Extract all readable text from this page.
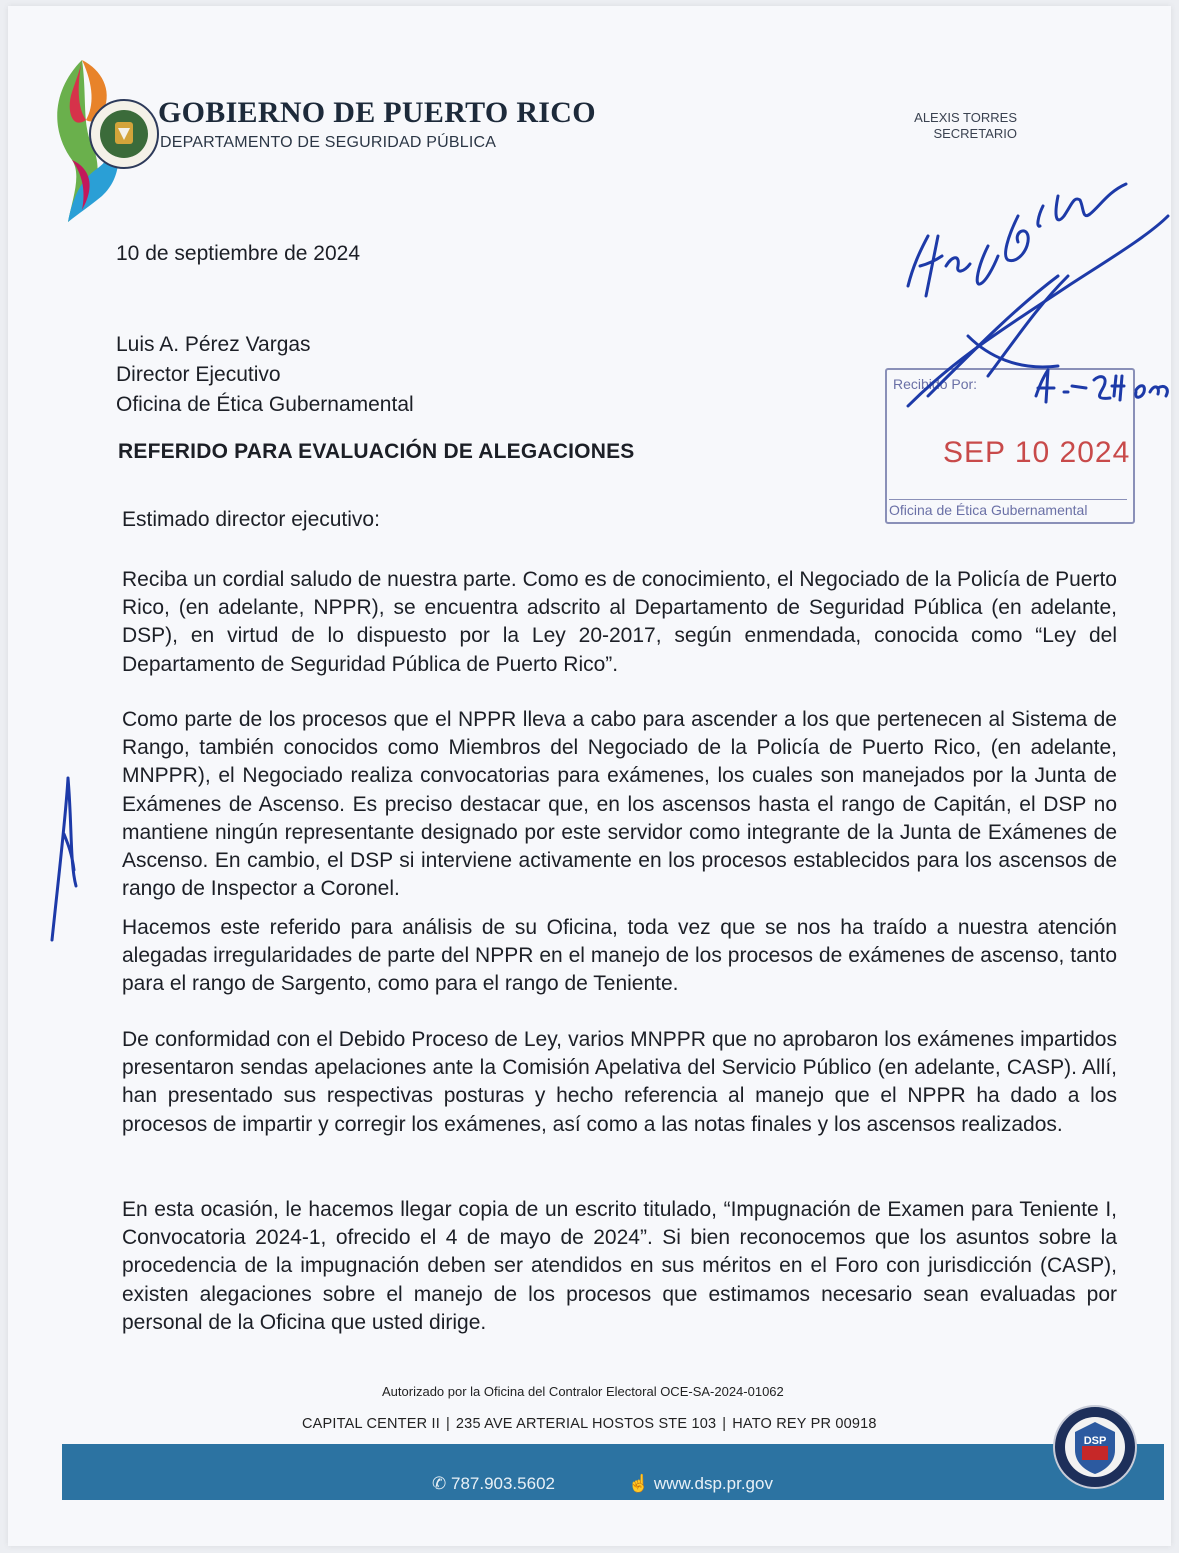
GOBIERNO DE PUERTO RICO
DEPARTAMENTO DE SEGURIDAD PÚBLICA
ALEXIS TORRES
SECRETARIO
10 de septiembre de 2024
Luis A. Pérez Vargas
Director Ejecutivo
Oficina de Ética Gubernamental
REFERIDO PARA EVALUACIÓN DE ALEGACIONES
Estimado director ejecutivo:

Reciba un cordial saludo de nuestra parte. Como es de conocimiento, el Negociado de la Policía de Puerto Rico, (en adelante, NPPR), se encuentra adscrito al Departamento de Seguridad Pública (en adelante, DSP), en virtud de lo dispuesto por la Ley 20-2017, según enmendada, conocida como “Ley del Departamento de Seguridad Pública de Puerto Rico”.

Como parte de los procesos que el NPPR lleva a cabo para ascender a los que pertenecen al Sistema de Rango, también conocidos como Miembros del Negociado de la Policía de Puerto Rico, (en adelante, MNPPR), el Negociado realiza convocatorias para exámenes, los cuales son manejados por la Junta de Exámenes de Ascenso. Es preciso destacar que, en los ascensos hasta el rango de Capitán, el DSP no mantiene ningún representante designado por este servidor como integrante de la Junta de Exámenes de Ascenso. En cambio, el DSP si interviene activamente en los procesos establecidos para los ascensos de rango de Inspector a Coronel.

Hacemos este referido para análisis de su Oficina, toda vez que se nos ha traído a nuestra atención alegadas irregularidades de parte del NPPR en el manejo de los procesos de exámenes de ascenso, tanto para el rango de Sargento, como para el rango de Teniente.

De conformidad con el Debido Proceso de Ley, varios MNPPR que no aprobaron los exámenes impartidos presentaron sendas apelaciones ante la Comisión Apelativa del Servicio Público (en adelante, CASP). Allí, han presentado sus respectivas posturas y hecho referencia al manejo que el NPPR ha dado a los procesos de impartir y corregir los exámenes, así como a las notas finales y los ascensos realizados.

En esta ocasión, le hacemos llegar copia de un escrito titulado, “Impugnación de Examen para Teniente I, Convocatoria 2024-1, ofrecido el 4 de mayo de 2024”. Si bien reconocemos que los asuntos sobre la procedencia de la impugnación deben ser atendidos en sus méritos en el Foro con jurisdicción (CASP), existen alegaciones sobre el manejo de los procesos que estimamos necesario sean evaluadas por personal de la Oficina que usted dirige.

Recibido Por:
SEP 10 2024
Oficina de Ética Gubernamental
Autorizado por la Oficina del Contralor Electoral OCE-SA-2024-01062
CAPITAL CENTER II | 235 AVE ARTERIAL HOSTOS STE 103 | HATO REY PR 00918
✆ 787.903.5602	☝ www.dsp.pr.gov
DSP
